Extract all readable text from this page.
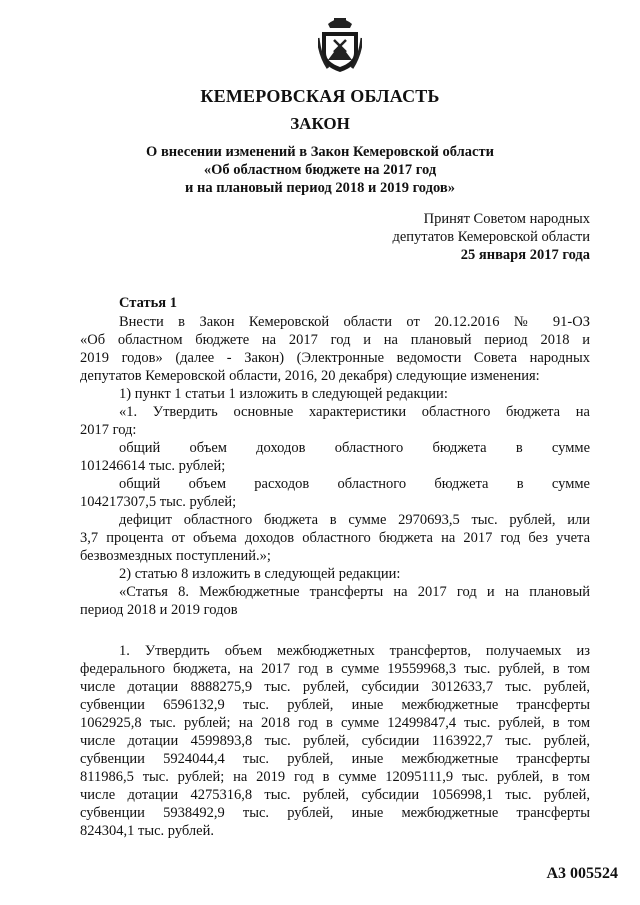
КЕМЕРОВСКАЯ ОБЛАСТЬ
ЗАКОН
О внесении изменений в Закон Кемеровской области
«Об областном бюджете на 2017 год
и на плановый период 2018 и 2019 годов»
Принят Советом народных
депутатов Кемеровской области
25 января 2017 года
Статья 1
Внести в Закон Кемеровской области от 20.12.2016 № 91-ОЗ
«Об областном бюджете на 2017 год и на плановый период 2018 и
2019 годов» (далее - Закон) (Электронные ведомости Совета народных
депутатов Кемеровской области, 2016, 20 декабря) следующие изменения:
1) пункт 1 статьи 1 изложить в следующей редакции:
«1. Утвердить основные характеристики областного бюджета на
2017 год:
общий объем доходов областного бюджета в сумме
101246614 тыс. рублей;
общий объем расходов областного бюджета в сумме
104217307,5 тыс. рублей;
дефицит областного бюджета в сумме 2970693,5 тыс. рублей, или
3,7 процента от объема доходов областного бюджета на 2017 год без учета
безвозмездных поступлений.»;
2) статью 8 изложить в следующей редакции:
«Статья 8. Межбюджетные трансферты на 2017 год и на плановый
период 2018 и 2019 годов
1. Утвердить объем межбюджетных трансфертов, получаемых из
федерального бюджета, на 2017 год в сумме 19559968,3 тыс. рублей, в том
числе дотации 8888275,9 тыс. рублей, субсидии 3012633,7 тыс. рублей,
субвенции 6596132,9 тыс. рублей, иные межбюджетные трансферты
1062925,8 тыс. рублей; на 2018 год в сумме 12499847,4 тыс. рублей, в том
числе дотации 4599893,8 тыс. рублей, субсидии 1163922,7 тыс. рублей,
субвенции 5924044,4 тыс. рублей, иные межбюджетные трансферты
811986,5 тыс. рублей; на 2019 год в сумме 12095111,9 тыс. рублей, в том
числе дотации 4275316,8 тыс. рублей, субсидии 1056998,1 тыс. рублей,
субвенции 5938492,9 тыс. рублей, иные межбюджетные трансферты
824304,1 тыс. рублей.
А3 005524
